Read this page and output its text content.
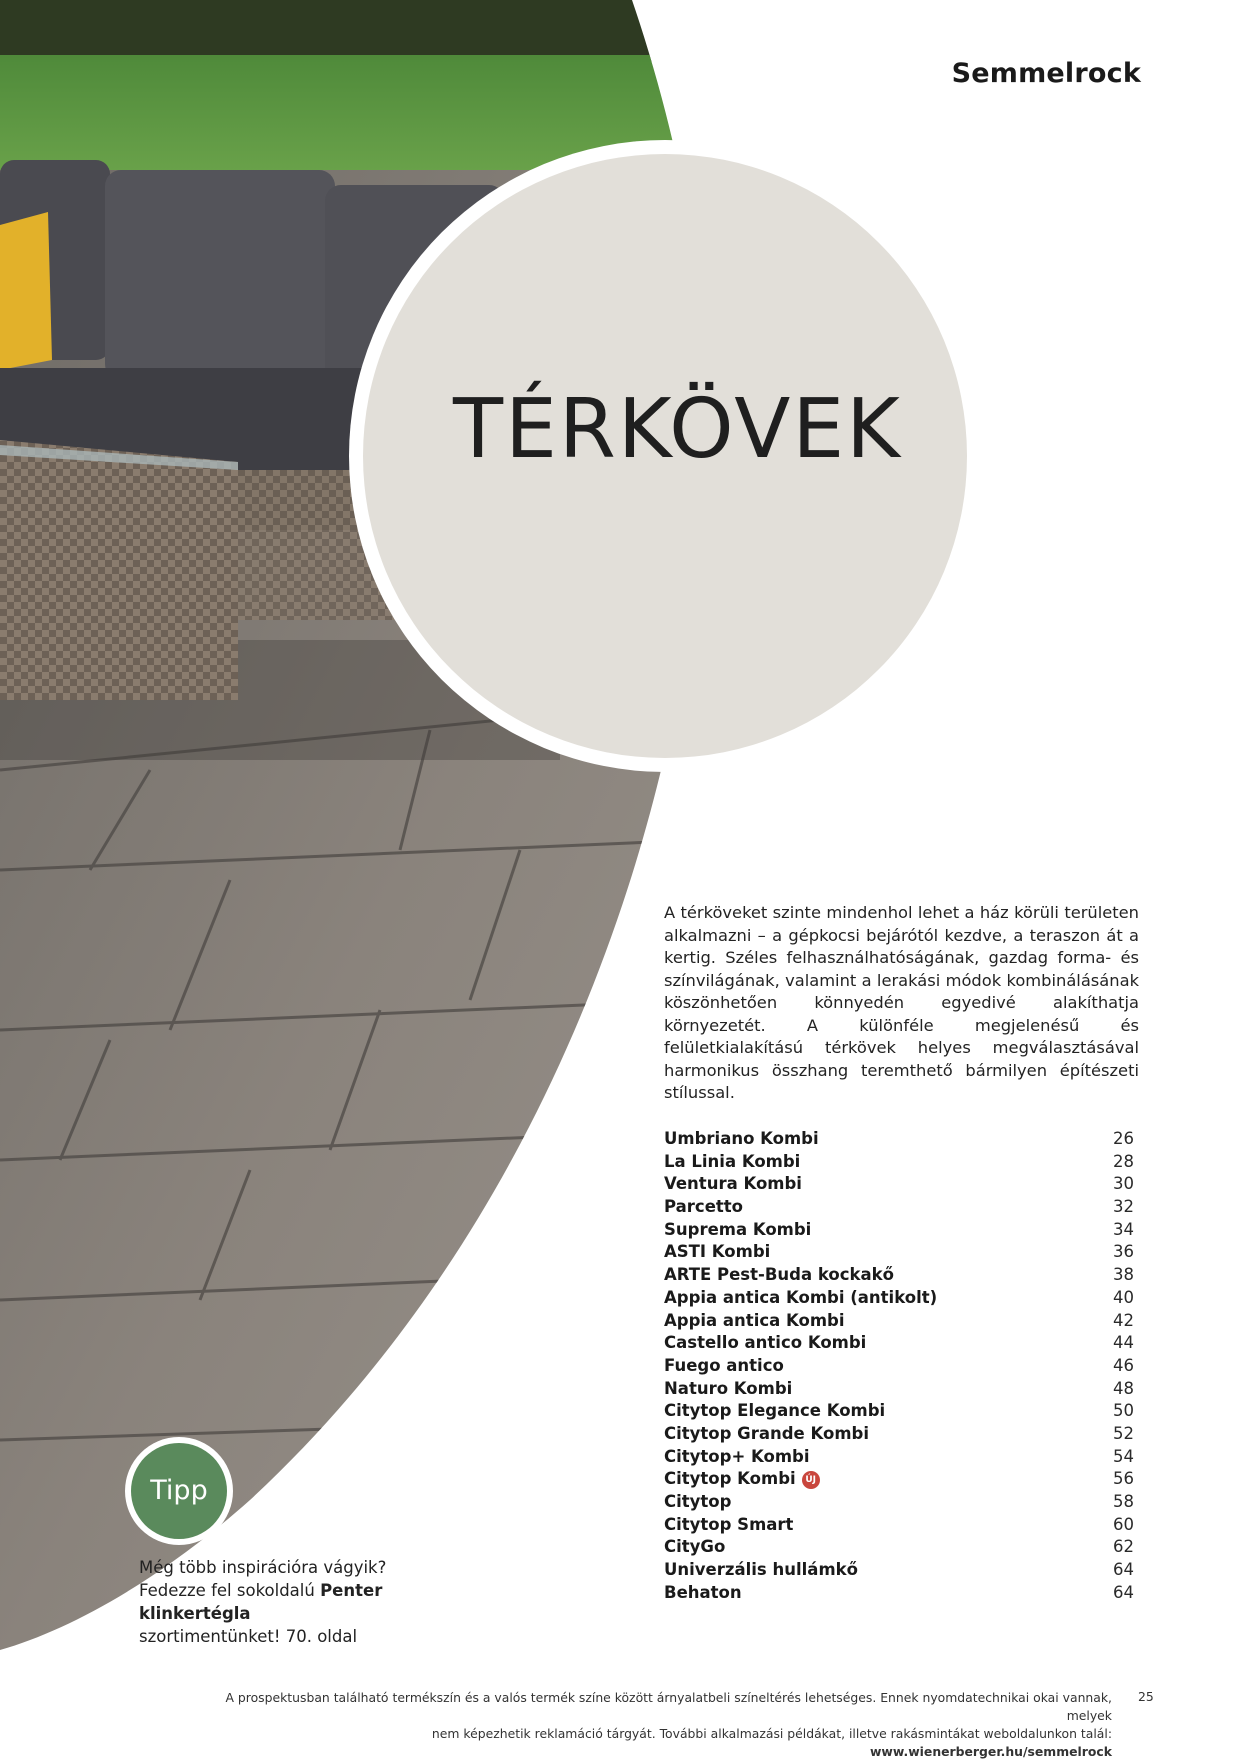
Semmelrock
TÉRKÖVEK
A térköveket szinte mindenhol lehet a ház körüli területen alkalmazni – a gépkocsi bejárótól kezdve, a teraszon át a kertig. Széles felhasználhatóságának, gazdag forma- és színvilágának, valamint a lerakási módok kombinálásának köszönhetően könnyedén egyedivé alakíthatja környezetét. A különféle megjelenésű és felületkialakítású térkövek helyes megválasztásával harmonikus összhang teremthető bármilyen építészeti stílussal.
Umbriano Kombi	26
La Linia Kombi	28
Ventura Kombi	30
Parcetto	32
Suprema Kombi	34
ASTI Kombi	36
ARTE Pest-Buda kockakő	38
Appia antica Kombi (antikolt)	40
Appia antica Kombi	42
Castello antico Kombi	44
Fuego antico	46
Naturo Kombi	48
Citytop Elegance Kombi	50
Citytop Grande Kombi	52
Citytop+ Kombi	54
Citytop Kombi	ÚJ	56
Citytop	58
Citytop Smart	60
CityGo	62
Univerzális hullámkő	64
Behaton	64
Tipp
Még több inspirációra vágyik?
Fedezze fel sokoldalú Penter klinkertégla
szortimentünket! 70. oldal
A prospektusban található termékszín és a valós termék színe között árnyalatbeli színeltérés lehetséges. Ennek nyomdatechnikai okai vannak, melyek
nem képezhetik reklamáció tárgyát. További alkalmazási példákat, illetve rakásmintákat weboldalunkon talál: www.wienerberger.hu/semmelrock
25
